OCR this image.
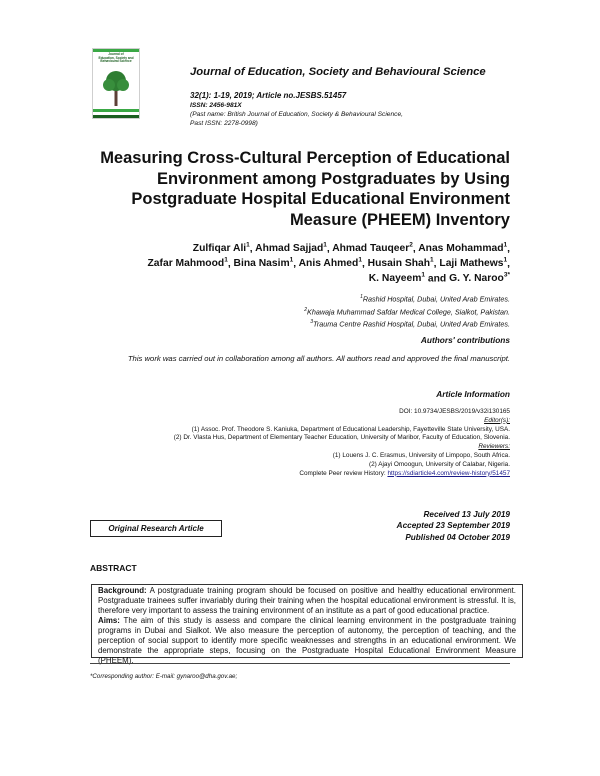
Journal of
Education, Society and
Behavioural Science
Journal of Education, Society and Behavioural Science
32(1): 1-19, 2019; Article no.JESBS.51457
ISSN: 2456-981X
(Past name: British Journal of Education, Society & Behavioural Science,
Past ISSN: 2278-0998)
Measuring Cross-Cultural Perception of Educational Environment among Postgraduates by Using Postgraduate Hospital Educational Environment Measure (PHEEM) Inventory
Zulfiqar Ali$^1$, Ahmad Sajjad$^1$, Ahmad Tauqeer$^2$, Anas Mohammad$^1$,
Zafar Mahmood$^1$, Bina Nasim$^1$, Anis Ahmed$^1$, Husain Shah$^1$, Laji Mathews$^1$,
K. Nayeem$^1$ and G. Y. Naroo$^{3*}$
$^1$Rashid Hospital, Dubai, United Arab Emirates.
$^2$Khawaja Muhammad Safdar Medical College, Sialkot, Pakistan.
$^3$Trauma Centre Rashid Hospital, Dubai, United Arab Emirates.
Authors' contributions
This work was carried out in collaboration among all authors. All authors read and approved the final manuscript.
Article Information
DOI: 10.9734/JESBS/2019/v32i130165
Editor(s):
(1) Assoc. Prof. Theodore S. Kaniuka, Department of Educational Leadership, Fayetteville State University, USA.
(2) Dr. Vlasta Hus, Department of Elementary Teacher Education, University of Maribor, Faculty of Education, Slovenia.
Reviewers:
(1) Louens J. C. Erasmus, University of Limpopo, South Africa.
(2) Ajayi Omoogun, University of Calabar, Nigeria.
Complete Peer review History: https://sdiarticle4.com/review-history/51457
Original Research Article
Received 13 July 2019
Accepted 23 September 2019
Published 04 October 2019
ABSTRACT

Background: A postgraduate training program should be focused on positive and healthy educational environment. Postgraduate trainees suffer invariably during their training when the hospital educational environment is stressful. It is, therefore very important to assess the training environment of an institute as a part of good educational practice.

Aims: The aim of this study is assess and compare the clinical learning environment in the postgraduate training programs in Dubai and Sialkot. We also measure the perception of autonomy, the perception of teaching, and the perception of social support to identify more specific weaknesses and strengths in an educational environment. We demonstrate the appropriate steps, focusing on the Postgraduate Hospital Educational Environment Measure (PHEEM).

*Corresponding author: E-mail: gynaroo@dha.gov.ae;
